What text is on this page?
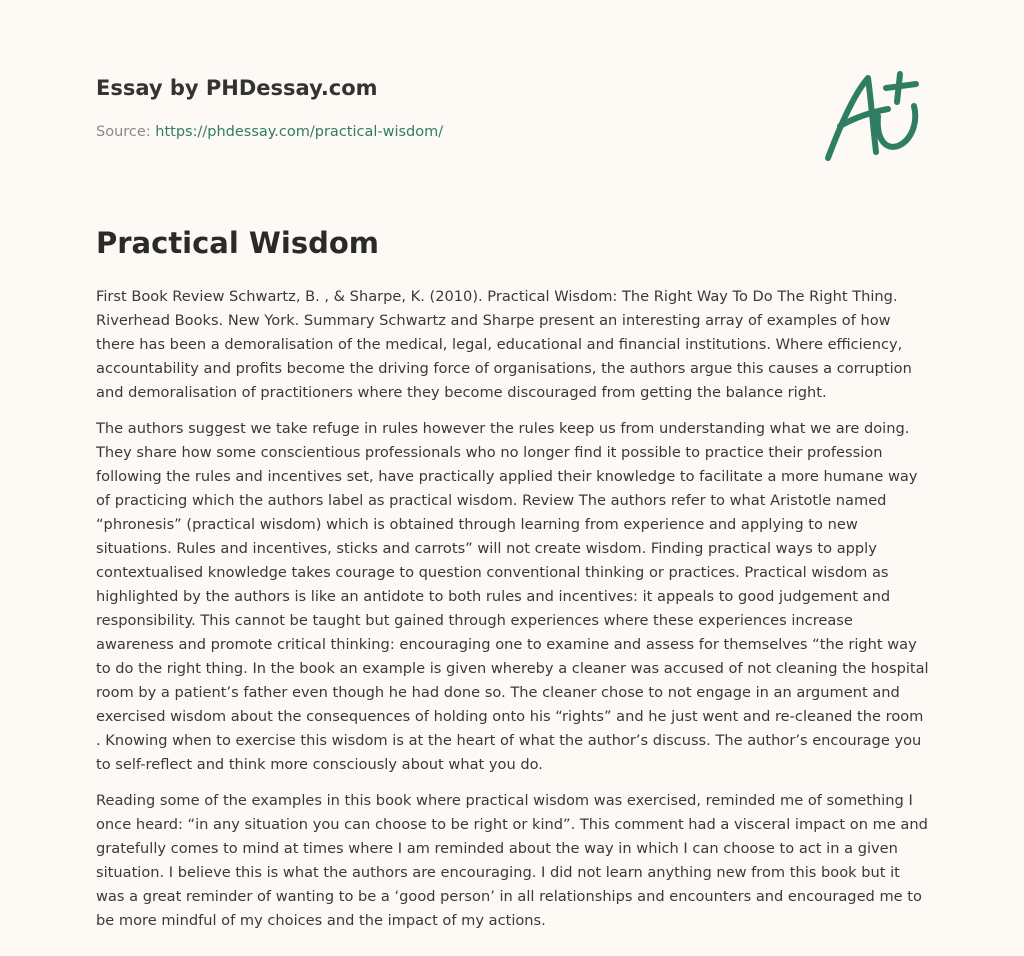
Essay by PHDessay.com
Source: https://phdessay.com/practical-wisdom/
Practical Wisdom

First Book Review Schwartz, B. , & Sharpe, K. (2010). Practical Wisdom: The Right Way To Do The Right Thing. Riverhead Books. New York. Summary Schwartz and Sharpe present an interesting array of examples of how there has been a demoralisation of the medical, legal, educational and financial institutions. Where efficiency, accountability and profits become the driving force of organisations, the authors argue this causes a corruption and demoralisation of practitioners where they become discouraged from getting the balance right.

The authors suggest we take refuge in rules however the rules keep us from understanding what we are doing. They share how some conscientious professionals who no longer find it possible to practice their profession following the rules and incentives set, have practically applied their knowledge to facilitate a more humane way of practicing which the authors label as practical wisdom. Review The authors refer to what Aristotle named “phronesis” (practical wisdom) which is obtained through learning from experience and applying to new situations. Rules and incentives, sticks and carrots” will not create wisdom. Finding practical ways to apply contextualised knowledge takes courage to question conventional thinking or practices. Practical wisdom as highlighted by the authors is like an antidote to both rules and incentives: it appeals to good judgement and responsibility. This cannot be taught but gained through experiences where these experiences increase awareness and promote critical thinking: encouraging one to examine and assess for themselves “the right way to do the right thing. In the book an example is given whereby a cleaner was accused of not cleaning the hospital room by a patient’s father even though he had done so. The cleaner chose to not engage in an argument and exercised wisdom about the consequences of holding onto his “rights” and he just went and re-cleaned the room . Knowing when to exercise this wisdom is at the heart of what the author’s discuss. The author’s encourage you to self-reflect and think more consciously about what you do.

Reading some of the examples in this book where practical wisdom was exercised, reminded me of something I once heard: “in any situation you can choose to be right or kind”. This comment had a visceral impact on me and gratefully comes to mind at times where I am reminded about the way in which I can choose to act in a given situation. I believe this is what the authors are encouraging. I did not learn anything new from this book but it was a great reminder of wanting to be a ‘good person’ in all relationships and encounters and encouraged me to be more mindful of my choices and the impact of my actions.
